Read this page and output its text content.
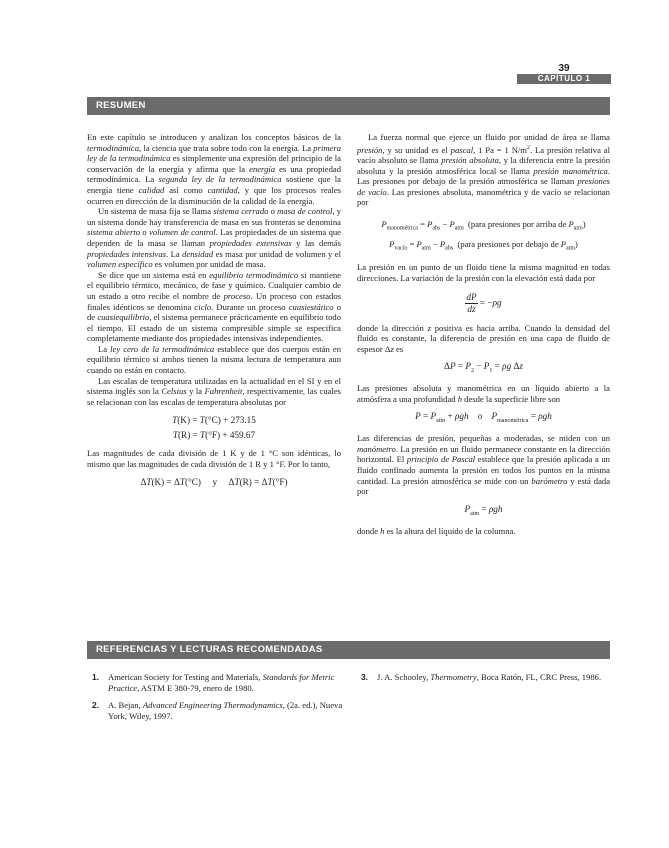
39
CAPÍTULO 1
RESUMEN

En este capítulo se introducen y analizan los conceptos básicos de la termodinámica, la ciencia que trata sobre todo con la energía. La primera ley de la termodinámica es simplemente una expresión del principio de la conservación de la energía y afirma que la energía es una propiedad termodinámica. La segunda ley de la termodinámica sostiene que la energía tiene calidad así como cantidad, y que los procesos reales ocurren en dirección de la disminución de la calidad de la energía.

Un sistema de masa fija se llama sistema cerrado o masa de control, y un sistema donde hay transferencia de masa en sus fronteras se denomina sistema abierto o volumen de control. Las propiedades de un sistema que dependen de la masa se llaman propiedades extensivas y las demás propiedades intensivas. La densidad es masa por unidad de volumen y el volumen específico es volumen por unidad de masa.

Se dice que un sistema está en equilibrio termodinámico si mantiene el equilibrio térmico, mecánico, de fase y químico. Cualquier cambio de un estado a otro recibe el nombre de proceso. Un proceso con estados finales idénticos se denomina ciclo. Durante un proceso cuasiestático o de cuasiequilibrio, el sistema permanece prácticamente en equilibrio todo el tiempo. El estado de un sistema compresible simple se especifica completamente mediante dos propiedades intensivas independientes.

La ley cero de la termodinámica establece que dos cuerpos están en equilibrio térmico si ambos tienen la misma lectura de temperatura aun cuando no están en contacto.

Las escalas de temperatura utilizadas en la actualidad en el SI y en el sistema inglés son la Celsius y la Fahrenheit, respectivamente, las cuales se relacionan con las escalas de temperatura absolutas por

T(K) = T(°C) + 273.15
T(R) = T(°F) + 459.67

Las magnitudes de cada división de 1 K y de 1 °C son idénticas, lo mismo que las magnitudes de cada división de 1 R y 1 °F. Por lo tanto,

ΔT(K) = ΔT(°C)     y     ΔT(R) = ΔT(°F)

La fuerza normal que ejerce un fluido por unidad de área se llama presión, y su unidad es el pascal, 1 Pa = 1 $N/m^2$. La presión relativa al vacío absoluto se llama presión absoluta, y la diferencia entre la presión absoluta y la presión atmosférica local se llama presión manométrica. Las presiones por debajo de la presión atmosférica se llaman presiones de vacío. Las presiones absoluta, manométrica y de vacío se relacionan por

$P_{manométrica} = P_{abs} - P_{atm}$  (para presiones por arriba de $P_{atm}$)
$P_{vacío} = P_{atm} - P_{abs}$  (para presiones por debajo de $P_{atm}$)

La presión en un punto de un fluido tiene la misma magnitud en todas direcciones. La variación de la presión con la elevación está dada por

$\frac{dP}{dz} = -\rho g$

donde la dirección z positiva es hacia arriba. Cuando la densidad del fluido es constante, la diferencia de presión en una capa de fluido de espesor Δz es

$\Delta P = P_2 - P_1 = \rho g$ Δz

Las presiones absoluta y manométrica en un líquido abierto a la atmósfera a una profundidad h desde la superficie libre son

$P = P_{atm} + \rho gh$    o    $P_{manométrica} = \rho gh$

Las diferencias de presión, pequeñas a moderadas, se miden con un manómetro. La presión en un fluido permanece constante en la dirección horizontal. El principio de Pascal establece que la presión aplicada a un fluido confinado aumenta la presión en todos los puntos en la misma cantidad. La presión atmosférica se mide con un barómetro y está dada por

$P_{atm} = \rho gh$

donde h es la altura del líquido de la columna.

REFERENCIAS Y LECTURAS RECOMENDADAS
1.	American Society for Testing and Materials, Standards for Metric Practice, ASTM E 380-79, enero de 1980.
2.	A. Bejan, Advanced Engineering Thermodynamics, (2a. ed.), Nueva York, Wiley, 1997.
3.	J. A. Schooley, Thermometry, Boca Ratón, FL, CRC Press, 1986.
